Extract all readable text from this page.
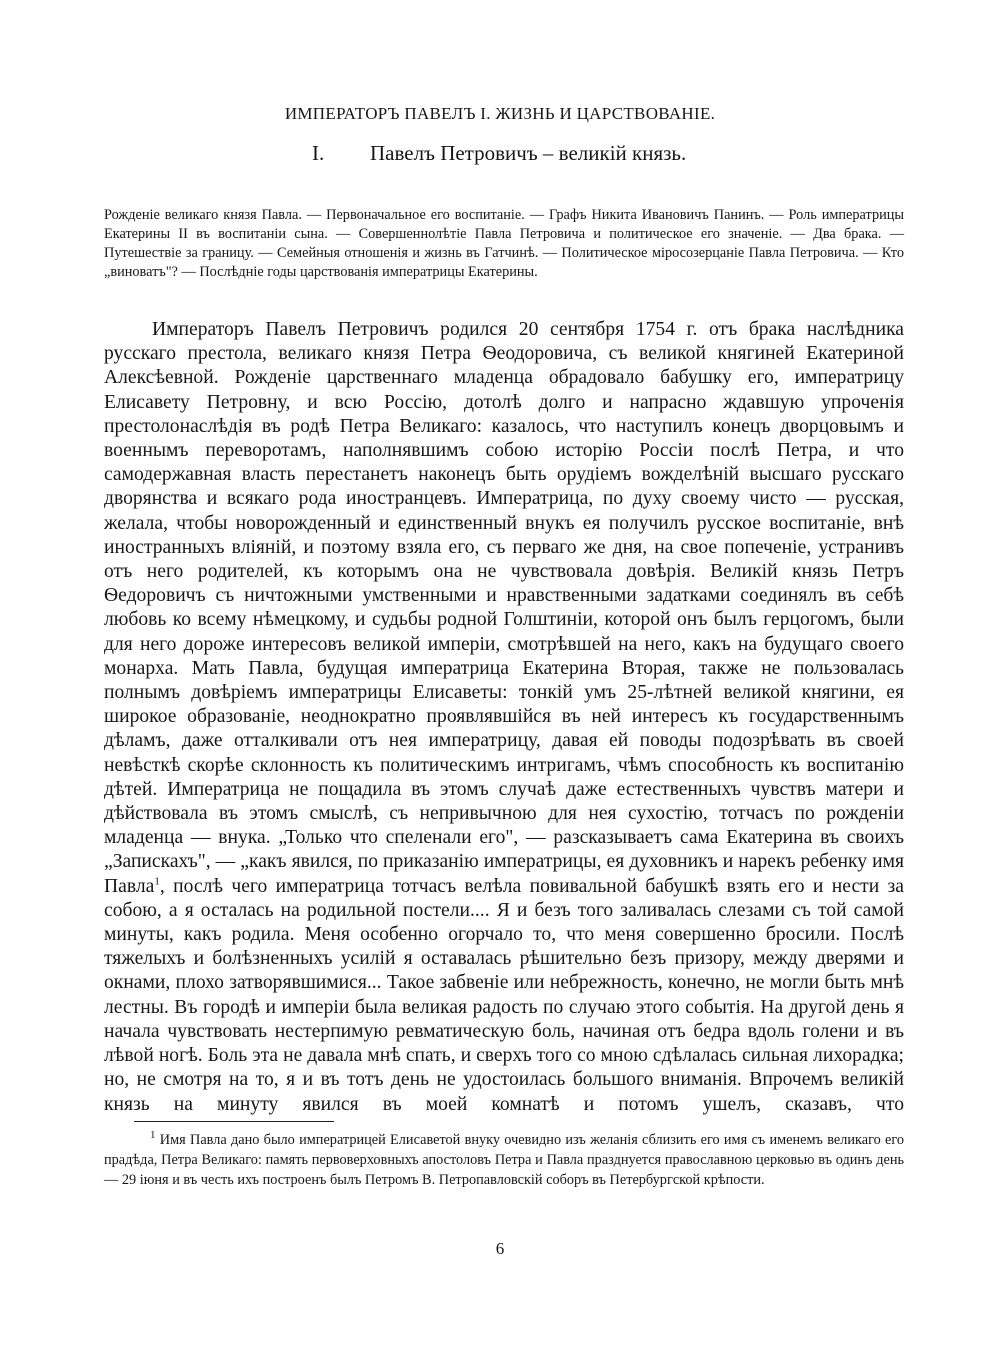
ИМПЕРАТОРЪ ПАВЕЛЪ I. ЖИЗНЬ И ЦАРСТВОВАНIЕ.
I. Павелъ Петровичъ – великiй князь.
Рожденiе великаго князя Павла. — Первоначальное его воспитанiе. — Графъ Никита Ивановичъ Панинъ. — Роль императрицы Екатерины II въ воспитанiи сына. — Совершеннолѣтiе Павла Петровича и политическое его значенiе. — Два брака. — Путешествiе за границу. — Семейныя отношенiя и жизнь въ Гатчинѣ. — Политическое мiросозерцанiе Павла Петровича. — Кто „виноватъ"? — Послѣднiе годы царствованiя императрицы Екатерины.

Императоръ Павелъ Петровичъ родился 20 сентября 1754 г. отъ брака наслѣдника русскаго престола, великаго князя Петра Ѳеодоровича, съ великой княгиней Екатериной Алексѣевной. Рожденiе царственнаго младенца обрадовало бабушку его, императрицу Елисавету Петровну, и всю Россiю, дотолѣ долго и напрасно ждавшую упроченiя престолонаслѣдiя въ родѣ Петра Великаго: казалось, что наступилъ конецъ дворцовымъ и военнымъ переворотамъ, наполнявшимъ собою исторiю Россiи послѣ Петра, и что самодержавная власть перестанетъ наконецъ быть орудiемъ вожделѣнiй высшаго русскаго дворянства и всякаго рода иностранцевъ. Императрица, по духу своему чисто — русская, желала, чтобы новорожденный и единственный внукъ ея получилъ русское воспитанiе, внѣ иностранныхъ влiянiй, и поэтому взяла его, съ перваго же дня, на свое попеченiе, устранивъ отъ него родителей, къ которымъ она не чувствовала довѣрiя. Великiй князь Петръ Ѳедоровичъ съ ничтожными умственными и нравственными задатками соединялъ въ себѣ любовь ко всему нѣмецкому, и судьбы родной Голштинiи, которой онъ былъ герцогомъ, были для него дороже интересовъ великой имперiи, смотрѣвшей на него, какъ на будущаго своего монарха. Мать Павла, будущая императрица Екатерина Вторая, также не пользовалась полнымъ довѣрiемъ императрицы Елисаветы: тонкiй умъ 25-лѣтней великой княгини, ея широкое образованiе, неоднократно проявлявшiйся въ ней интересъ къ государственнымъ дѣламъ, даже отталкивали отъ нея императрицу, давая ей поводы подозрѣвать въ своей невѣсткѣ скорѣе склонность къ политическимъ интригамъ, чѣмъ способность къ воспитанiю дѣтей. Императрица не пощадила въ этомъ случаѣ даже естественныхъ чувствъ матери и дѣйствовала въ этомъ смыслѣ, съ непривычною для нея сухостiю, тотчасъ по рожденiи младенца — внука. „Только что спеленали его", — разсказываетъ сама Екатерина въ своихъ „Запискахъ", — „какъ явился, по приказанiю императрицы, ея духовникъ и нарекъ ребенку имя Павла$^1$, послѣ чего императрица тотчасъ велѣла повивальной бабушкѣ взять его и нести за собою, а я осталась на родильной постели.... Я и безъ того заливалась слезами съ той самой минуты, какъ родила. Меня особенно огорчало то, что меня совершенно бросили. Послѣ тяжелыхъ и болѣзненныхъ усилiй я оставалась рѣшительно безъ призору, между дверями и окнами, плохо затворявшимися... Такое забвенiе или небрежность, конечно, не могли быть мнѣ лестны. Въ городѣ и имперiи была великая радость по случаю этого событiя. На другой день я начала чувствовать нестерпимую ревматическую боль, начиная отъ бедра вдоль голени и въ лѣвой ногѣ. Боль эта не давала мнѣ спать, и сверхъ того со мною сдѣлалась сильная лихорадка; но, не смотря на то, я и въ тотъ день не удостоилась большого вниманiя. Впрочемъ великiй князь на минуту явился въ моей комнатѣ и потомъ ушелъ, сказавъ, что

$^1$ Имя Павла дано было императрицей Елисаветой внуку очевидно изъ желанiя сблизить его имя съ именемъ великаго его прадѣда, Петра Великаго: память первоверховныхъ апостоловъ Петра и Павла празднуется православною церковью въ одинъ день — 29 iюня и въ честь ихъ построенъ былъ Петромъ В. Петропавловскiй соборъ въ Петербургской крѣпости.
6
